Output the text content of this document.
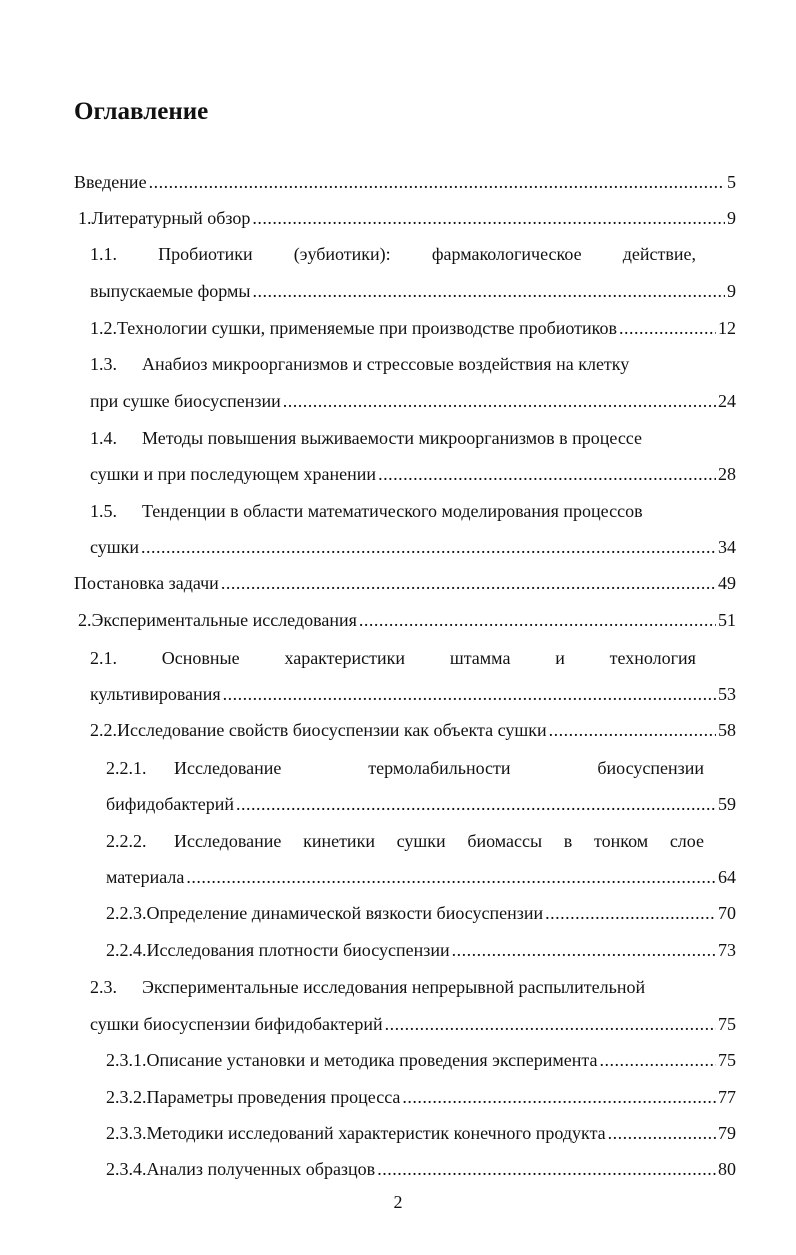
Оглавление
Введение .....	5
1. Литературный обзор .....	9
1.1. Пробиотики (эубиотики): фармакологическое действие,
выпускаемые формы .....	9
1.2. Технологии сушки, применяемые при производстве пробиотиков .....	12
1.3.	Анабиоз микроорганизмов и стрессовые воздействия на клетку
при сушке биосуспензии .....	24
1.4.	Методы повышения выживаемости микроорганизмов в процессе
сушки и при последующем хранении .....	28
1.5.	Тенденции в области математического моделирования процессов
сушки .....	34
Постановка задачи .....	49
2. Экспериментальные исследования .....	51
2.1. Основные характеристики штамма и технология
культивирования .....	53
2.2. Исследование свойств биосуспензии как объекта сушки .....	58
2.2.1.	Исследование	термолабильности	биосуспензии
бифидобактерий .....	59
2.2.2.	Исследование кинетики сушки биомассы в тонком слое
материала .....	64
2.2.3. Определение динамической вязкости биосуспензии .....	70
2.2.4. Исследования плотности биосуспензии .....	73
2.3.	Экспериментальные исследования непрерывной распылительной
сушки биосуспензии бифидобактерий .....	75
2.3.1. Описание установки и методика проведения эксперимента .....	75
2.3.2. Параметры проведения процесса .....	77
2.3.3. Методики исследований характеристик конечного продукта .....	79
2.3.4. Анализ полученных образцов .....	80
2
